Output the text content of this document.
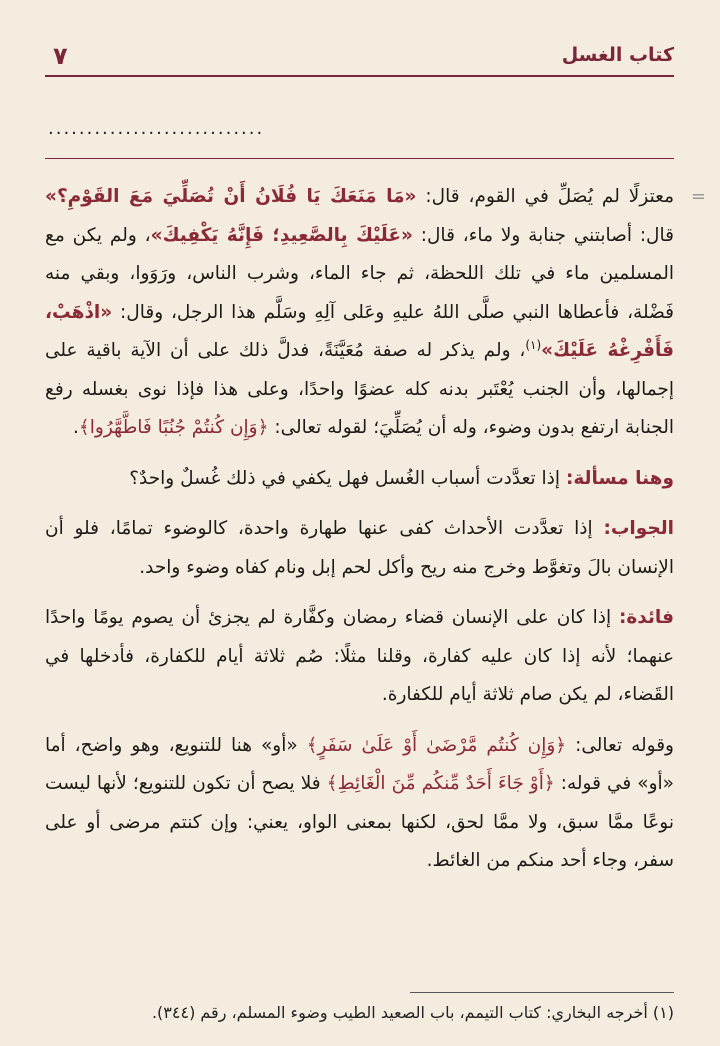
كتاب الغسل
٧
............................
=

معتزلًا لم يُصَلِّ في القوم، قال: «مَا مَنَعَكَ يَا فُلَانُ أَنْ تُصَلِّيَ مَعَ القَوْمِ؟» قال: أصابتني جنابة ولا ماء، قال: «عَلَيْكَ بِالصَّعِيدِ؛ فَإِنَّهُ يَكْفِيكَ»، ولم يكن مع المسلمين ماء في تلك اللحظة، ثم جاء الماء، وشرب الناس، ورَوَوا، وبقي منه فَضْلة، فأعطاها النبي صلَّى اللهُ عليهِ وعَلى آلِهِ وسَلَّم هذا الرجل، وقال: «اذْهَبْ، فَأَفْرِغْهُ عَلَيْكَ»$^{(١)}$، ولم يذكر له صفة مُعَيَّنَةً، فدلَّ ذلك على أن الآية باقية على إجمالها، وأن الجنب يُعْتَبر بدنه كله عضوًا واحدًا، وعلى هذا فإذا نوى بغسله رفع الجنابة ارتفع بدون وضوء، وله أن يُصَلِّيَ؛ لقوله تعالى: ﴿وَإِن كُنتُمْ جُنُبًا فَاطَّهَّرُوا﴾.

وهنا مسألة: إذا تعدَّدت أسباب الغُسل فهل يكفي في ذلك غُسلٌ واحدٌ؟

الجواب: إذا تعدَّدت الأحداث كفى عنها طهارة واحدة، كالوضوء تمامًا، فلو أن الإنسان بالَ وتغوَّط وخرج منه ريح وأكل لحم إبل ونام كفاه وضوء واحد.

فائدة: إذا كان على الإنسان قضاء رمضان وكفَّارة لم يجزئ أن يصوم يومًا واحدًا عنهما؛ لأنه إذا كان عليه كفارة، وقلنا مثلًا: صُم ثلاثة أيام للكفارة، فأدخلها في القَضاء، لم يكن صام ثلاثة أيام للكفارة.

وقوله تعالى: ﴿وَإِن كُنتُم مَّرْضَىٰ أَوْ عَلَىٰ سَفَرٍ﴾ «أو» هنا للتنويع، وهو واضح، أما «أو» في قوله: ﴿أَوْ جَاءَ أَحَدٌ مِّنكُم مِّنَ الْغَائِطِ﴾ فلا يصح أن تكون للتنويع؛ لأنها ليست نوعًا ممَّا سبق، ولا ممَّا لحق، لكنها بمعنى الواو، يعني: وإن كنتم مرضى أو على سفر، وجاء أحد منكم من الغائط.

(١) أخرجه البخاري: كتاب التيمم، باب الصعيد الطيب وضوء المسلم، رقم (٣٤٤).
